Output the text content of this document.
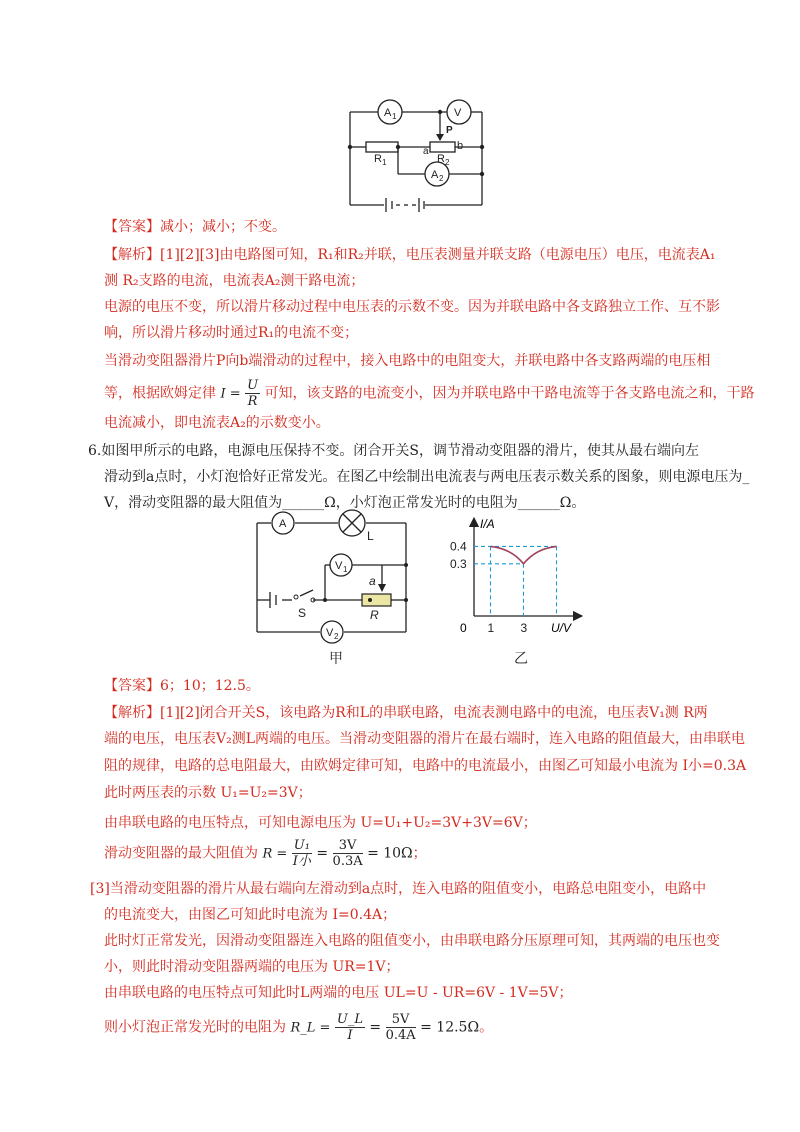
A 1	V
R 1
P
a	b
R 2
A 2
【答案】减小；减小；不变。
【解析】[1][2][3]由电路图可知，R₁和R₂并联，电压表测量并联支路（电源电压）电压，电流表A₁
测 R₂支路的电流，电流表A₂测干路电流；
电源的电压不变，所以滑片移动过程中电压表的示数不变。因为并联电路中各支路独立工作、互不影
响，所以滑片移动时通过R₁的电流不变；
当滑动变阻器滑片P向b端滑动的过程中，接入电路中的电阻变大，并联电路中各支路两端的电压相
等，根据欧姆定律 $I = \frac{U}{R}$ 可知，该支路的电流变小，因为并联电路中干路电流等于各支路电流之和，干路
电流减小，即电流表A₂的示数变小。
6.如图甲所示的电路，电源电压保持不变。闭合开关S，调节滑动变阻器的滑片，使其从最右端向左
滑动到a点时，小灯泡恰好正常发光。在图乙中绘制出电流表与两电压表示数关系的图象，则电源电压为_
V，滑动变阻器的最大阻值为______Ω，小灯泡正常发光时的电阻为______Ω。
A
L
V 1
S	R
a
V 2
甲	乙
I/A
U/V
0
0.3
0.4
1 3
【答案】6；10；12.5。
【解析】[1][2]闭合开关S，该电路为R和L的串联电路，电流表测电路中的电流，电压表V₁测 R两
端的电压，电压表V₂测L两端的电压。当滑动变阻器的滑片在最右端时，连入电路的阻值最大，由串联电
阻的规律，电路的总电阻最大，由欧姆定律可知，电路中的电流最小，由图乙可知最小电流为 I小=0.3A
此时两压表的示数 U₁=U₂=3V；
由串联电路的电压特点，可知电源电压为 U=U₁+U₂=3V+3V=6V；
滑动变阻器的最大阻值为 $R = \frac{\text{U₁}}{\text{I小}} = \frac{3V}{0.3A} = 10\Omega$；
[3]当滑动变阻器的滑片从最右端向左滑动到a点时，连入电路的阻值变小，电路总电阻变小，电路中
的电流变大，由图乙可知此时电流为 I=0.4A；
此时灯正常发光，因滑动变阻器连入电路的阻值变小，由串联电路分压原理可知，其两端的电压也变
小，则此时滑动变阻器两端的电压为 UR=1V；
由串联电路的电压特点可知此时L两端的电压 UL=U - UR=6V - 1V=5V；
则小灯泡正常发光时的电阻为 R_L = $\frac{U\_L}{I} = \frac{5V}{0.4A} = 12.5\Omega$。
